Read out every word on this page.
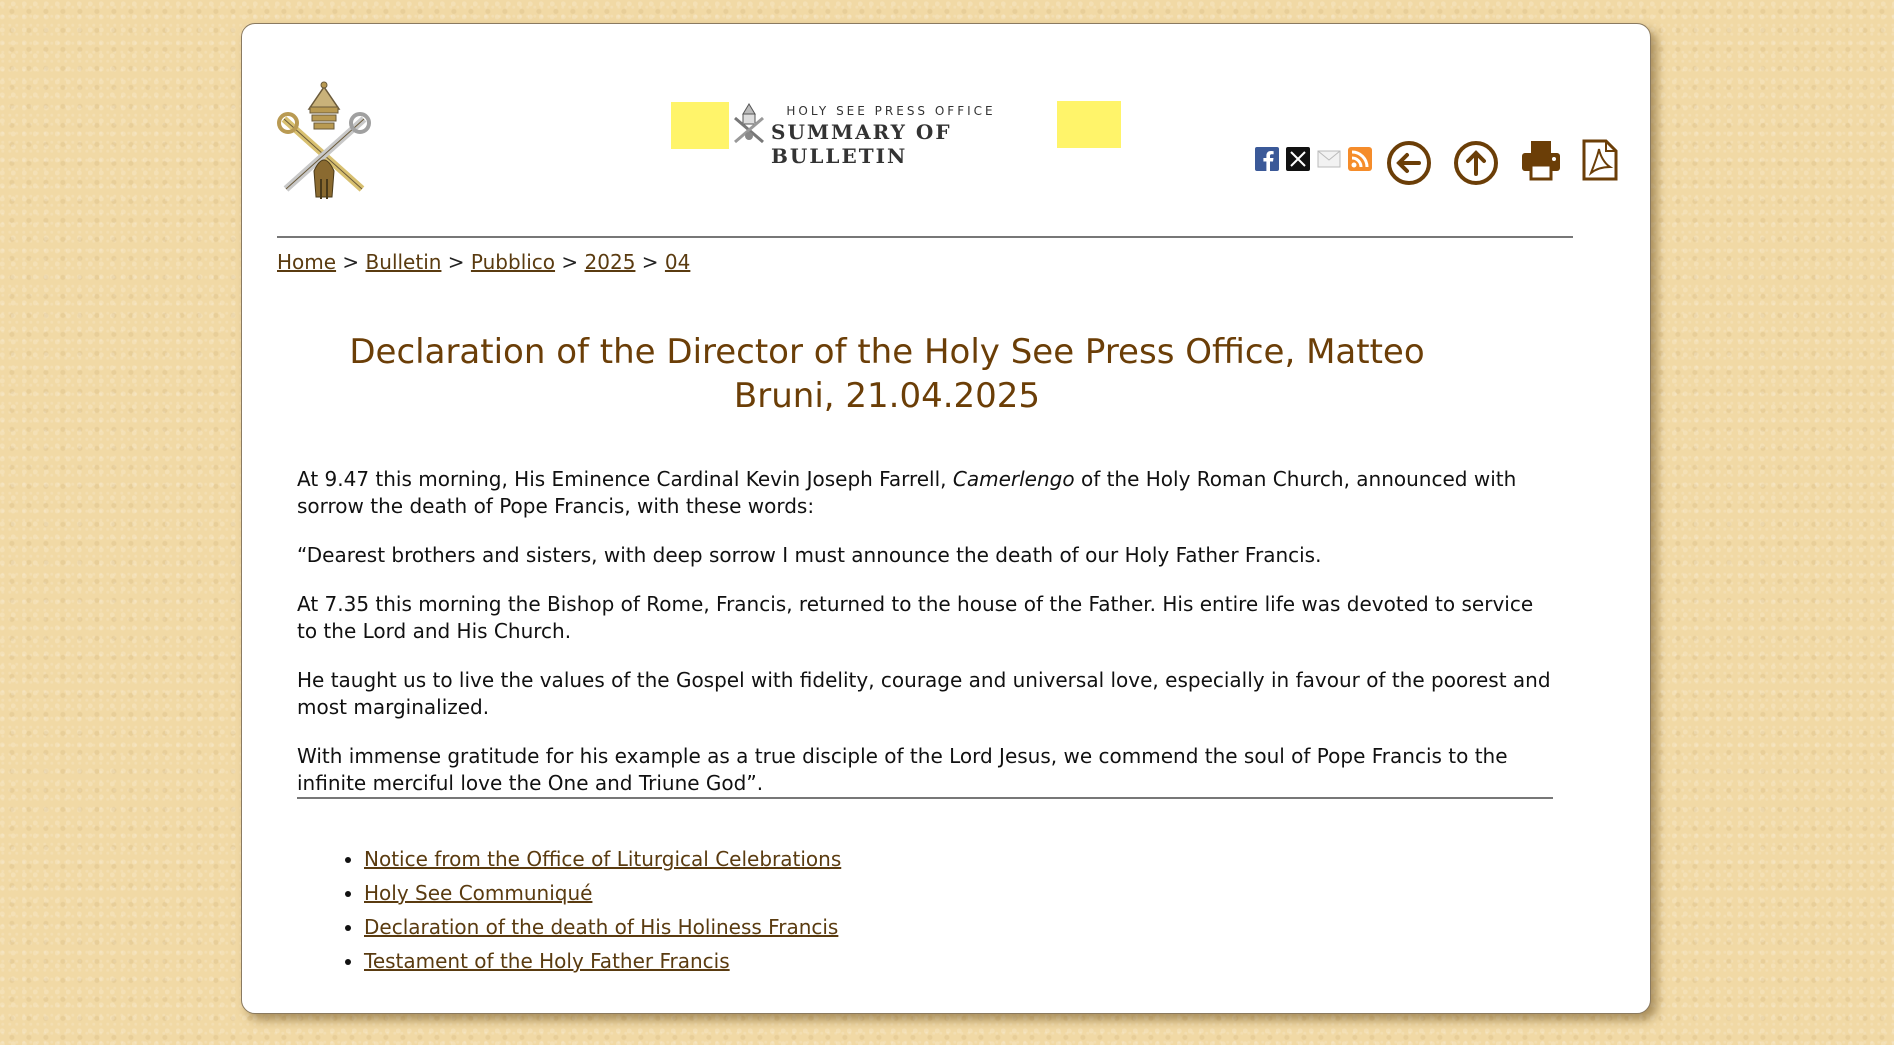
HOLY SEE PRESS OFFICE
SUMMARY OF BULLETIN
Home > Bulletin > Pubblico > 2025 > 04
Declaration of the Director of the Holy See Press Office, Matteo Bruni, 21.04.2025

At 9.47 this morning, His Eminence Cardinal Kevin Joseph Farrell, Camerlengo of the Holy Roman Church, announced with sorrow the death of Pope Francis, with these words:

“Dearest brothers and sisters, with deep sorrow I must announce the death of our Holy Father Francis.

At 7.35 this morning the Bishop of Rome, Francis, returned to the house of the Father. His entire life was devoted to service to the Lord and His Church.

He taught us to live the values of the Gospel with fidelity, courage and universal love, especially in favour of the poorest and most marginalized.

With immense gratitude for his example as a true disciple of the Lord Jesus, we commend the soul of Pope Francis to the infinite merciful love the One and Triune God”.

• Notice from the Office of Liturgical Celebrations
• Holy See Communiqué
• Declaration of the death of His Holiness Francis
• Testament of the Holy Father Francis
